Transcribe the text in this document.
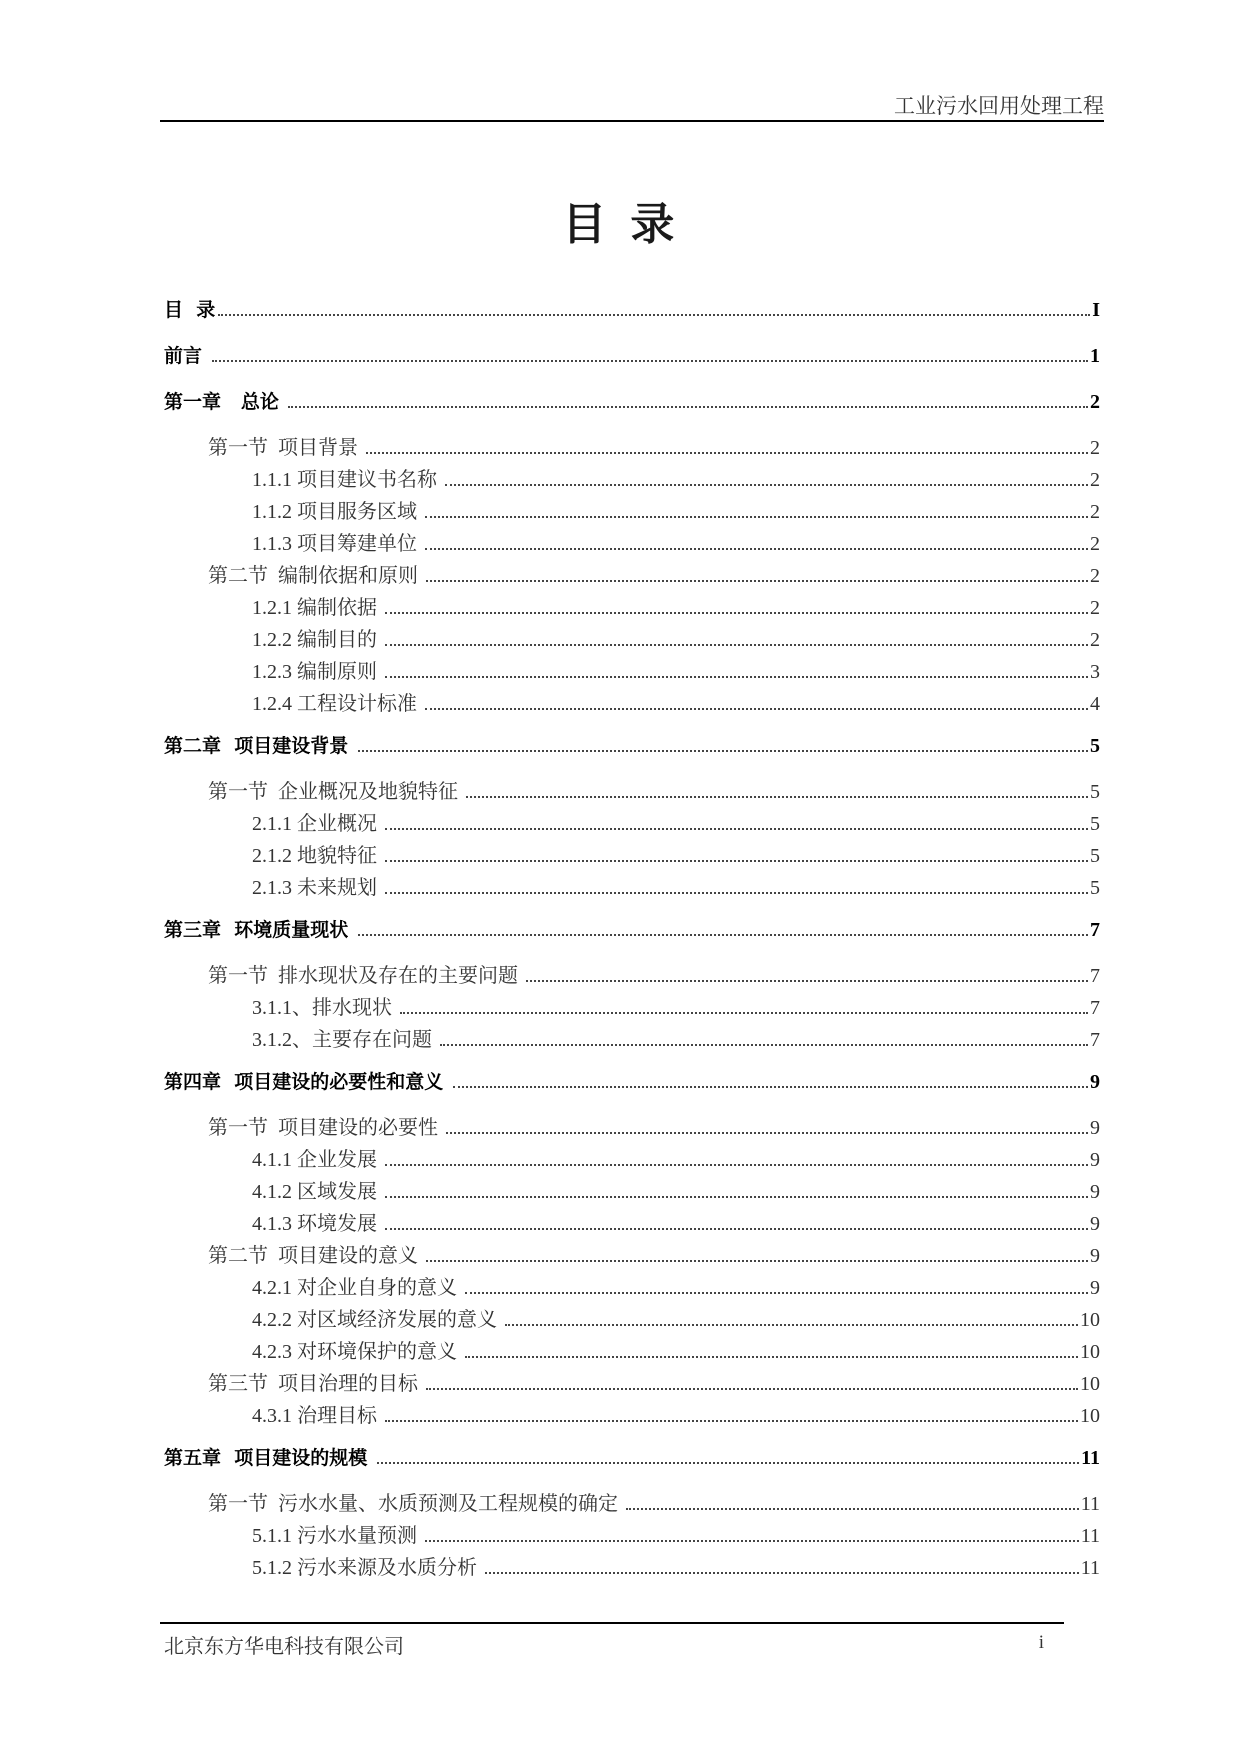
工业污水回用处理工程
目 录
目  录	I
前言	1
第一章   总论	2
第一节  项目背景	2
1.1.1 项目建议书名称	2
1.1.2 项目服务区域	2
1.1.3 项目筹建单位	2
第二节  编制依据和原则	2
1.2.1 编制依据	2
1.2.2 编制目的	2
1.2.3 编制原则	3
1.2.4 工程设计标准	4
第二章  项目建设背景	5
第一节  企业概况及地貌特征	5
2.1.1 企业概况	5
2.1.2 地貌特征	5
2.1.3 未来规划	5
第三章  环境质量现状	7
第一节  排水现状及存在的主要问题	7
3.1.1、排水现状	7
3.1.2、主要存在问题	7
第四章  项目建设的必要性和意义	9
第一节  项目建设的必要性	9
4.1.1 企业发展	9
4.1.2 区域发展	9
4.1.3 环境发展	9
第二节  项目建设的意义	9
4.2.1 对企业自身的意义	9
4.2.2 对区域经济发展的意义	10
4.2.3 对环境保护的意义	10
第三节  项目治理的目标	10
4.3.1 治理目标	10
第五章  项目建设的规模	11
第一节  污水水量、水质预测及工程规模的确定	11
5.1.1 污水水量预测	11
5.1.2 污水来源及水质分析	11
北京东方华电科技有限公司	i
